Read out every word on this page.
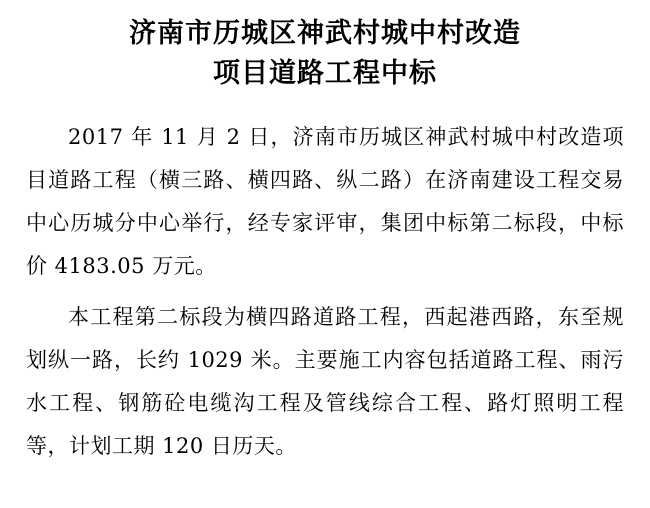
济南市历城区神武村城中村改造
项目道路工程中标

2017 年 11 月 2 日，济南市历城区神武村城中村改造项目道路工程（横三路、横四路、纵二路）在济南建设工程交易中心历城分中心举行，经专家评审，集团中标第二标段，中标价 4183.05 万元。

本工程第二标段为横四路道路工程，西起港西路，东至规划纵一路，长约 1029 米。主要施工内容包括道路工程、雨污水工程、钢筋砼电缆沟工程及管线综合工程、路灯照明工程等，计划工期 120 日历天。
